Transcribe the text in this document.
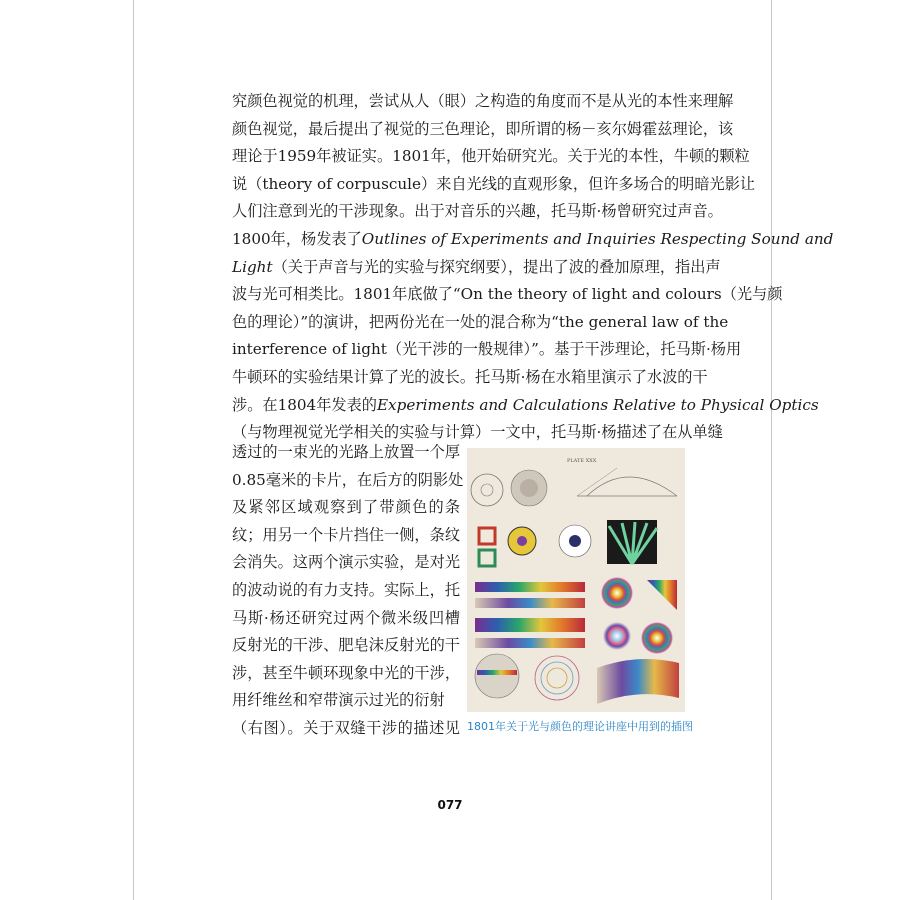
究颜色视觉的机理，尝试从人（眼）之构造的角度而不是从光的本性来理解
颜色视觉，最后提出了视觉的三色理论，即所谓的杨－亥尔姆霍兹理论，该
理论于1959年被证实。1801年，他开始研究光。关于光的本性，牛顿的颗粒
说（theory of corpuscule）来自光线的直观形象，但许多场合的明暗光影让
人们注意到光的干涉现象。出于对音乐的兴趣，托马斯·杨曾研究过声音。
1800年，杨发表了Outlines of Experiments and Inquiries Respecting Sound and
Light（关于声音与光的实验与探究纲要），提出了波的叠加原理，指出声
波与光可相类比。1801年底做了“On the theory of light and colours（光与颜
色的理论）”的演讲，把两份光在一处的混合称为“the general law of the
interference of light（光干涉的一般规律）”。基于干涉理论，托马斯·杨用
牛顿环的实验结果计算了光的波长。托马斯·杨在水箱里演示了水波的干
涉。在1804年发表的Experiments and Calculations Relative to Physical Optics
（与物理视觉光学相关的实验与计算）一文中，托马斯·杨描述了在从单缝
透过的一束光的光路上放置一个厚
0.85毫米的卡片，在后方的阴影处
及紧邻区域观察到了带颜色的条
纹；用另一个卡片挡住一侧，条纹
会消失。这两个演示实验，是对光
的波动说的有力支持。实际上，托
马斯·杨还研究过两个微米级凹槽
反射光的干涉、肥皂沫反射光的干
涉，甚至牛顿环现象中光的干涉，
用纤维丝和窄带演示过光的衍射
（右图）。关于双缝干涉的描述见
PLATE XXX
1801年关于光与颜色的理论讲座中用到的插图
077
